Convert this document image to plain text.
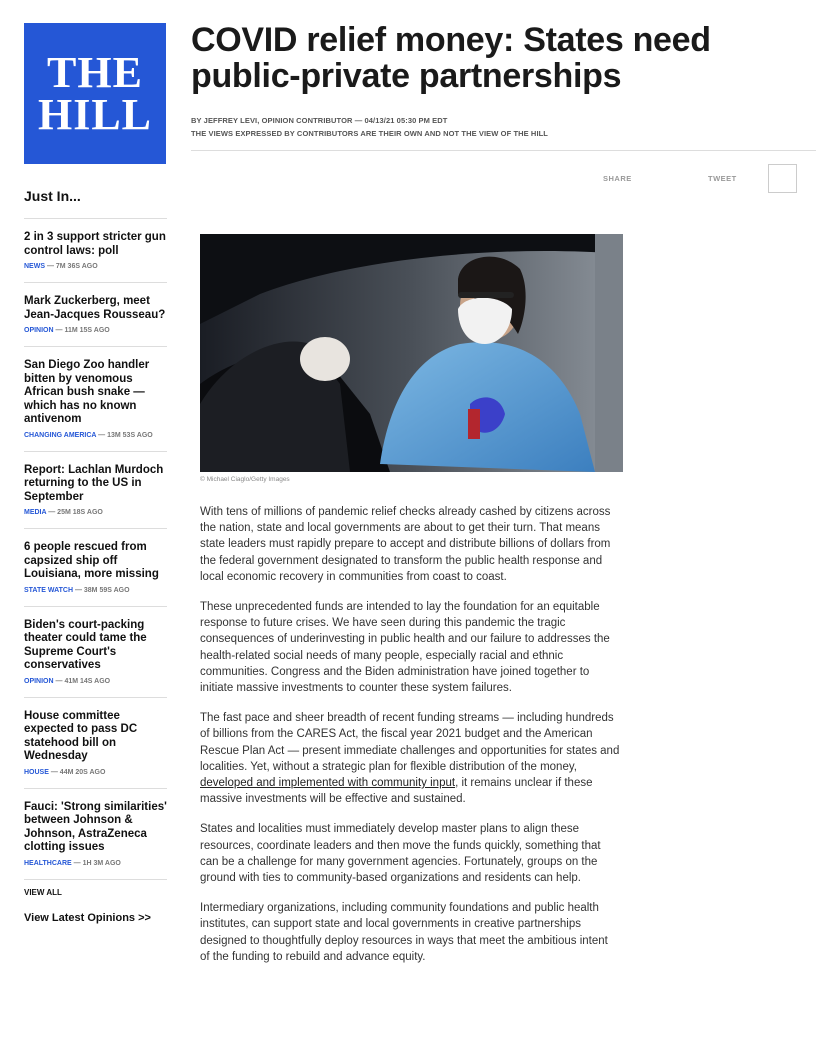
THE
HILL
COVID relief money: States need public-private partnerships
BY JEFFREY LEVI, OPINION CONTRIBUTOR — 04/13/21 05:30 PM EDT
THE VIEWS EXPRESSED BY CONTRIBUTORS ARE THEIR OWN AND NOT THE VIEW OF THE HILL
SHARE	TWEET
Just In...
2 in 3 support stricter gun control laws: poll
NEWS — 7M 36S AGO
Mark Zuckerberg, meet Jean-Jacques Rousseau?
OPINION — 11M 15S AGO
San Diego Zoo handler bitten by venomous African bush snake — which has no known antivenom
CHANGING AMERICA — 13M 53S AGO
Report: Lachlan Murdoch returning to the US in September
MEDIA — 25M 18S AGO
6 people rescued from capsized ship off Louisiana, more missing
STATE WATCH — 38M 59S AGO
Biden's court-packing theater could tame the Supreme Court's conservatives
OPINION — 41M 14S AGO
House committee expected to pass DC statehood bill on Wednesday
HOUSE — 44M 20S AGO
Fauci: 'Strong similarities' between Johnson & Johnson, AstraZeneca clotting issues
HEALTHCARE — 1H 3M AGO
VIEW ALL
View Latest Opinions >>
© Michael Ciaglo/Getty Images

With tens of millions of pandemic relief checks already cashed by citizens across the nation, state and local governments are about to get their turn. That means state leaders must rapidly prepare to accept and distribute billions of dollars from the federal government designated to transform the public health response and local economic recovery in communities from coast to coast.

These unprecedented funds are intended to lay the foundation for an equitable response to future crises. We have seen during this pandemic the tragic consequences of underinvesting in public health and our failure to addresses the health-related social needs of many people, especially racial and ethnic communities. Congress and the Biden administration have joined together to initiate massive investments to counter these system failures.

The fast pace and sheer breadth of recent funding streams — including hundreds of billions from the CARES Act, the fiscal year 2021 budget and the American Rescue Plan Act — present immediate challenges and opportunities for states and localities. Yet, without a strategic plan for flexible distribution of the money, developed and implemented with community input, it remains unclear if these massive investments will be effective and sustained.

States and localities must immediately develop master plans to align these resources, coordinate leaders and then move the funds quickly, something that can be a challenge for many government agencies. Fortunately, groups on the ground with ties to community-based organizations and residents can help.

Intermediary organizations, including community foundations and public health institutes, can support state and local governments in creative partnerships designed to thoughtfully deploy resources in ways that meet the ambitious intent of the funding to rebuild and advance equity.
